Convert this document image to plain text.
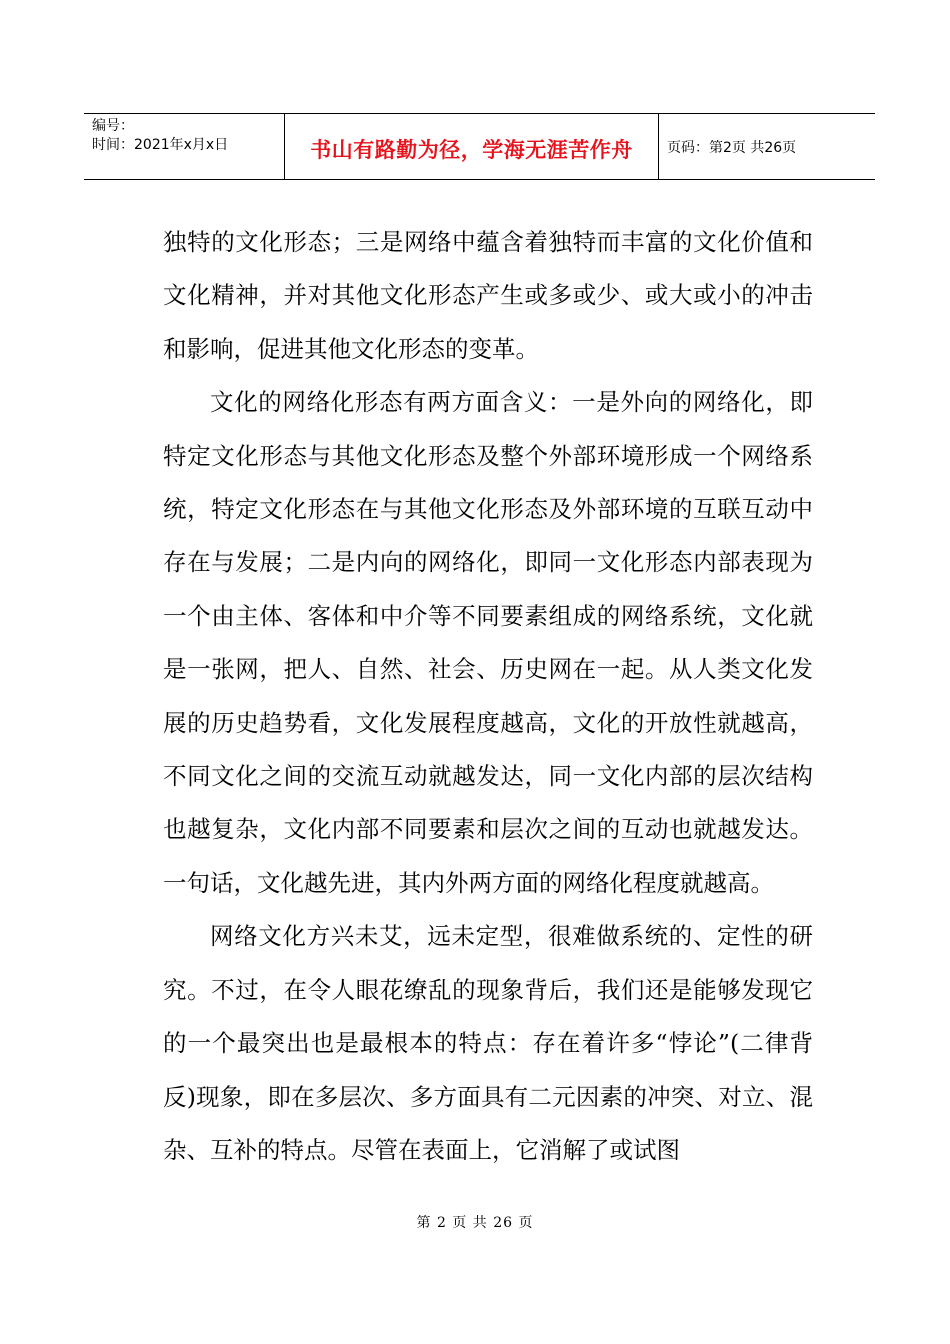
编号：
时间：2021年x月x日	书山有路勤为径，学海无涯苦作舟 页码：第2页 共26页

独特的文化形态；三是网络中蕴含着独特而丰富的文化价值和文化精神，并对其他文化形态产生或多或少、或大或小的冲击和影响，促进其他文化形态的变革。

文化的网络化形态有两方面含义：一是外向的网络化，即特定文化形态与其他文化形态及整个外部环境形成一个网络系统，特定文化形态在与其他文化形态及外部环境的互联互动中存在与发展；二是内向的网络化，即同一文化形态内部表现为一个由主体、客体和中介等不同要素组成的网络系统，文化就是一张网，把人、自然、社会、历史网在一起。从人类文化发展的历史趋势看，文化发展程度越高，文化的开放性就越高，不同文化之间的交流互动就越发达，同一文化内部的层次结构也越复杂，文化内部不同要素和层次之间的互动也就越发达。一句话，文化越先进，其内外两方面的网络化程度就越高。

网络文化方兴未艾，远未定型，很难做系统的、定性的研究。不过，在令人眼花缭乱的现象背后，我们还是能够发现它的一个最突出也是最根本的特点：存在着许多“悖论”(二律背反)现象，即在多层次、多方面具有二元因素的冲突、对立、混杂、互补的特点。尽管在表面上，它消解了或试图

第 2 页 共 26 页
